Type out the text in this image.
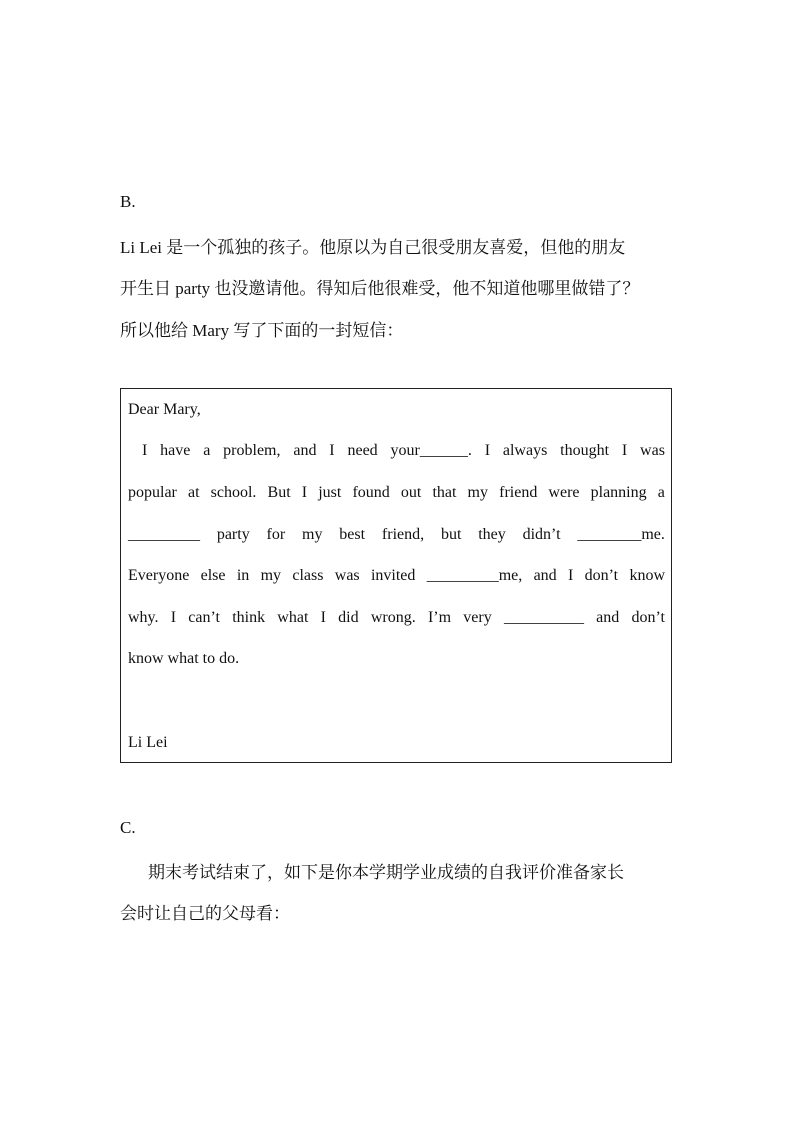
B.
Li Lei 是一个孤独的孩子。他原以为自己很受朋友喜爱，但他的朋友
开生日 party 也没邀请他。得知后他很难受，他不知道他哪里做错了？
所以他给 Mary 写了下面的一封短信：
Dear Mary,
I have a problem, and I need your______. I always thought I was
popular at school. But I just found out that my friend were planning a
_________ party for my best friend, but they didn’t ________me.
Everyone else in my class was invited _________me, and I don’t know
why. I can’t think what I did wrong. I’m very __________ and don’t
know what to do.
Li Lei
C.
期末考试结束了，如下是你本学期学业成绩的自我评价准备家长
会时让自己的父母看：
